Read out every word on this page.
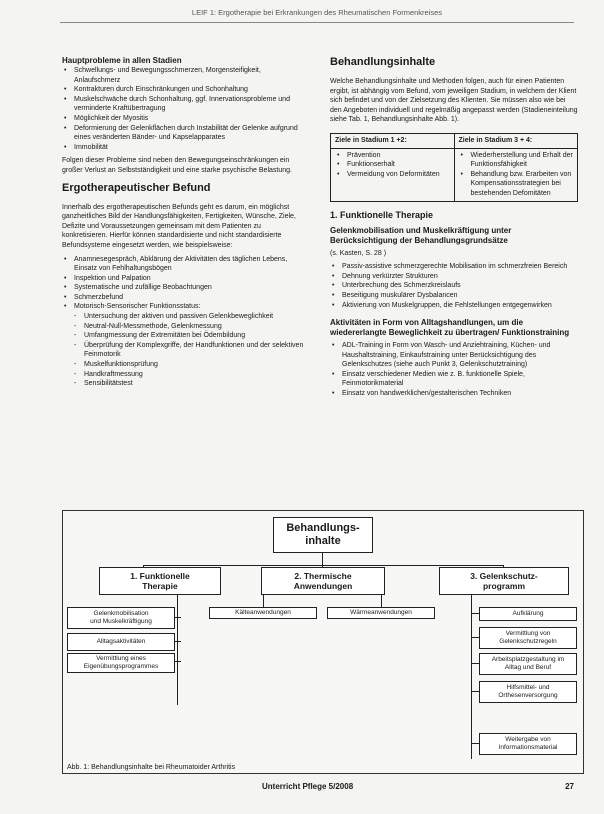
LEIF 1: Ergotherapie bei Erkrankungen des Rheumatischen Formenkreises
Hauptprobleme in allen Stadien
• Schwellungs- und Bewegungsschmerzen, Morgensteifigkeit, Anlaufschmerz
• Kontrakturen durch Einschränkungen und Schonhaltung
• Muskelschwäche durch Schonhaltung, ggf. Innervationsprobleme und verminderte Kraftübertragung
• Möglichkeit der Myositis
• Deformierung der Gelenkflächen durch Instabilität der Gelenke aufgrund eines veränderten Bänder- und Kapselapparates
• Immobilität

Folgen dieser Probleme sind neben den Bewegungseinschränkungen ein großer Verlust an Selbstständigkeit und eine starke psychische Belastung.

Ergotherapeutischer Befund

Innerhalb des ergotherapeutischen Befunds geht es darum, ein möglichst ganzheitliches Bild der Handlungsfähigkeiten, Fertigkeiten, Wünsche, Ziele, Defizite und Voraussetzungen gemeinsam mit dem Patienten zu konkretisieren. Hierfür können standardisierte und nicht standardisierte Befundsysteme eingesetzt werden, wie beispielsweise:

• Anamnesegespräch, Abklärung der Aktivitäten des täglichen Lebens, Einsatz von Fehlhaltungsbögen
• Inspektion und Palpation
• Systematische und zufällige Beobachtungen
• Schmerzbefund
• Motorisch-Sensorischer Funktionsstatus:
- Untersuchung der aktiven und passiven Gelenkbeweglichkeit
- Neutral-Null-Messmethode, Gelenkmessung
- Umfangmessung der Extremitäten bei Ödembildung
- Überprüfung der Komplexgriffe, der Handfunktionen und der selektiven Feinmotorik
- Muskelfunktionsprüfung
- Handkraftmessung
- Sensibilitätstest
Behandlungsinhalte

Welche Behandlungsinhalte und Methoden folgen, auch für einen Patienten ergibt, ist abhängig vom Befund, vom jeweiligen Stadium, in welchem der Klient sich befindet und von der Zielsetzung des Klienten. Sie müssen also wie bei den Angeboten individuell und regelmäßig angepasst werden (Stadieneinteilung siehe Tab. 1, Behandlungsinhalte Abb. 1).

Ziele in Stadium 1 +2:
• Prävention
• Funktionserhalt
• Vermeidung von Deformitäten
Ziele in Stadium 3 + 4:
• Wiederherstellung und Erhalt der Funktionsfähigkeit
• Behandlung bzw. Erarbeiten von Kompensationsstrategien bei bestehenden Defomitäten
1. Funktionelle Therapie
Gelenkmobilisation und Muskelkräftigung unter Berücksichtigung der Behandlungsgrundsätze

(s. Kasten, S. 28 )

• Passiv-assistive schmerzgerechte Mobilisation im schmerzfreien Bereich
• Dehnung verkürzter Strukturen
• Unterbrechung des Schmerzkreislaufs
• Beseitigung muskulärer Dysbalancen
• Aktivierung von Muskelgruppen, die Fehlstellungen entgegenwirken
Aktivitäten in Form von Alltagshandlungen, um die wiedererlangte Beweglichkeit zu übertragen/ Funktionstraining
• ADL-Training in Form von Wasch- und Anziehtraining, Küchen- und Haushaltstraining, Einkaufstraining unter Berücksichtigung des Gelenkschutzes (siehe auch Punkt 3, Gelenkschutztraining)
• Einsatz verschiedener Medien wie z. B. funktionelle Spiele, Feinmotorikmaterial
• Einsatz von handwerklichen/gestalterischen Techniken
Behandlungs-
inhalte
1. Funktionelle
Therapie
2. Thermische
Anwendungen
3. Gelenkschutz-
programm
Gelenkmobilisation
und Muskelkräftigung
Alltagsaktivitäten
Vermittlung eines
Eigenübungsprogrammes
Kälteanwendungen	Wärmeanwendungen	Aufklärung
Vermittlung von
Gelenkschutzregeln
Arbeitsplatzgestaltung im
Alltag und Beruf
Hilfsmittel- und
Orthesenversorgung
Weitergabe von
Informationsmaterial
Abb. 1: Behandlungsinhalte bei Rheumatoider Arthritis
Unterricht Pflege 5/2008	27
